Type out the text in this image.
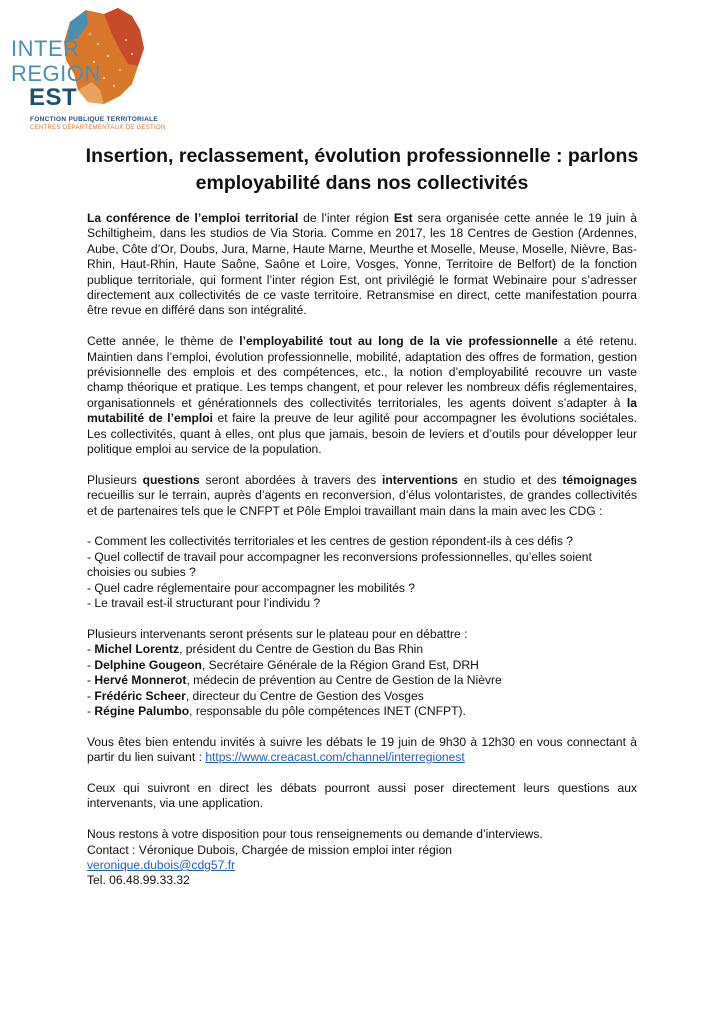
INTER
REGION
EST
FONCTION PUBLIQUE TERRITORIALE
CENTRES DÉPARTEMENTAUX DE GESTION
Insertion, reclassement, évolution professionnelle : parlons employabilité dans nos collectivités

La conférence de l’emploi territorial de l’inter région Est sera organisée cette année le 19 juin à Schiltigheim, dans les studios de Via Storia. Comme en 2017, les 18 Centres de Gestion (Ardennes, Aube, Côte d’Or, Doubs, Jura, Marne, Haute Marne, Meurthe et Moselle, Meuse, Moselle, Nièvre, Bas-Rhin, Haut-Rhin, Haute Saône, Saône et Loire, Vosges, Yonne, Territoire de Belfort) de la fonction publique territoriale, qui forment l’inter région Est, ont privilégié le format Webinaire pour s’adresser directement aux collectivités de ce vaste territoire. Retransmise en direct, cette manifestation pourra être revue en différé dans son intégralité.

Cette année, le thème de l’employabilité tout au long de la vie professionnelle a été retenu. Maintien dans l’emploi, évolution professionnelle, mobilité, adaptation des offres de formation, gestion prévisionnelle des emplois et des compétences, etc., la notion d’employabilité recouvre un vaste champ théorique et pratique. Les temps changent, et pour relever les nombreux défis réglementaires, organisationnels et générationnels des collectivités territoriales, les agents doivent s’adapter à la mutabilité de l’emploi et faire la preuve de leur agilité pour accompagner les évolutions sociétales. Les collectivités, quant à elles, ont plus que jamais, besoin de leviers et d’outils pour développer leur politique emploi au service de la population.

Plusieurs questions seront abordées à travers des interventions en studio et des témoignages recueillis sur le terrain, auprès d’agents en reconversion, d’élus volontaristes, de grandes collectivités et de partenaires tels que le CNFPT et Pôle Emploi travaillant main dans la main avec les CDG :

- Comment les collectivités territoriales et les centres de gestion répondent-ils à ces défis ?

- Quel collectif de travail pour accompagner les reconversions professionnelles, qu’elles soient choisies ou subies ?

- Quel cadre réglementaire pour accompagner les mobilités ?

- Le travail est-il structurant pour l’individu ?

Plusieurs intervenants seront présents sur le plateau pour en débattre :

- Michel Lorentz, président du Centre de Gestion du Bas Rhin

- Delphine Gougeon, Secrétaire Générale de la Région Grand Est, DRH

- Hervé Monnerot, médecin de prévention au Centre de Gestion de la Nièvre

- Frédéric Scheer, directeur du Centre de Gestion des Vosges

- Régine Palumbo, responsable du pôle compétences INET (CNFPT).

Vous êtes bien entendu invités à suivre les débats le 19 juin de 9h30 à 12h30 en vous connectant à partir du lien suivant : https://www.creacast.com/channel/interregionest

Ceux qui suivront en direct les débats pourront aussi poser directement leurs questions aux intervenants, via une application.

Nous restons à votre disposition pour tous renseignements ou demande d’interviews.

Contact : Véronique Dubois, Chargée de mission emploi inter région

veronique.dubois@cdg57.fr

Tel. 06.48.99.33.32
